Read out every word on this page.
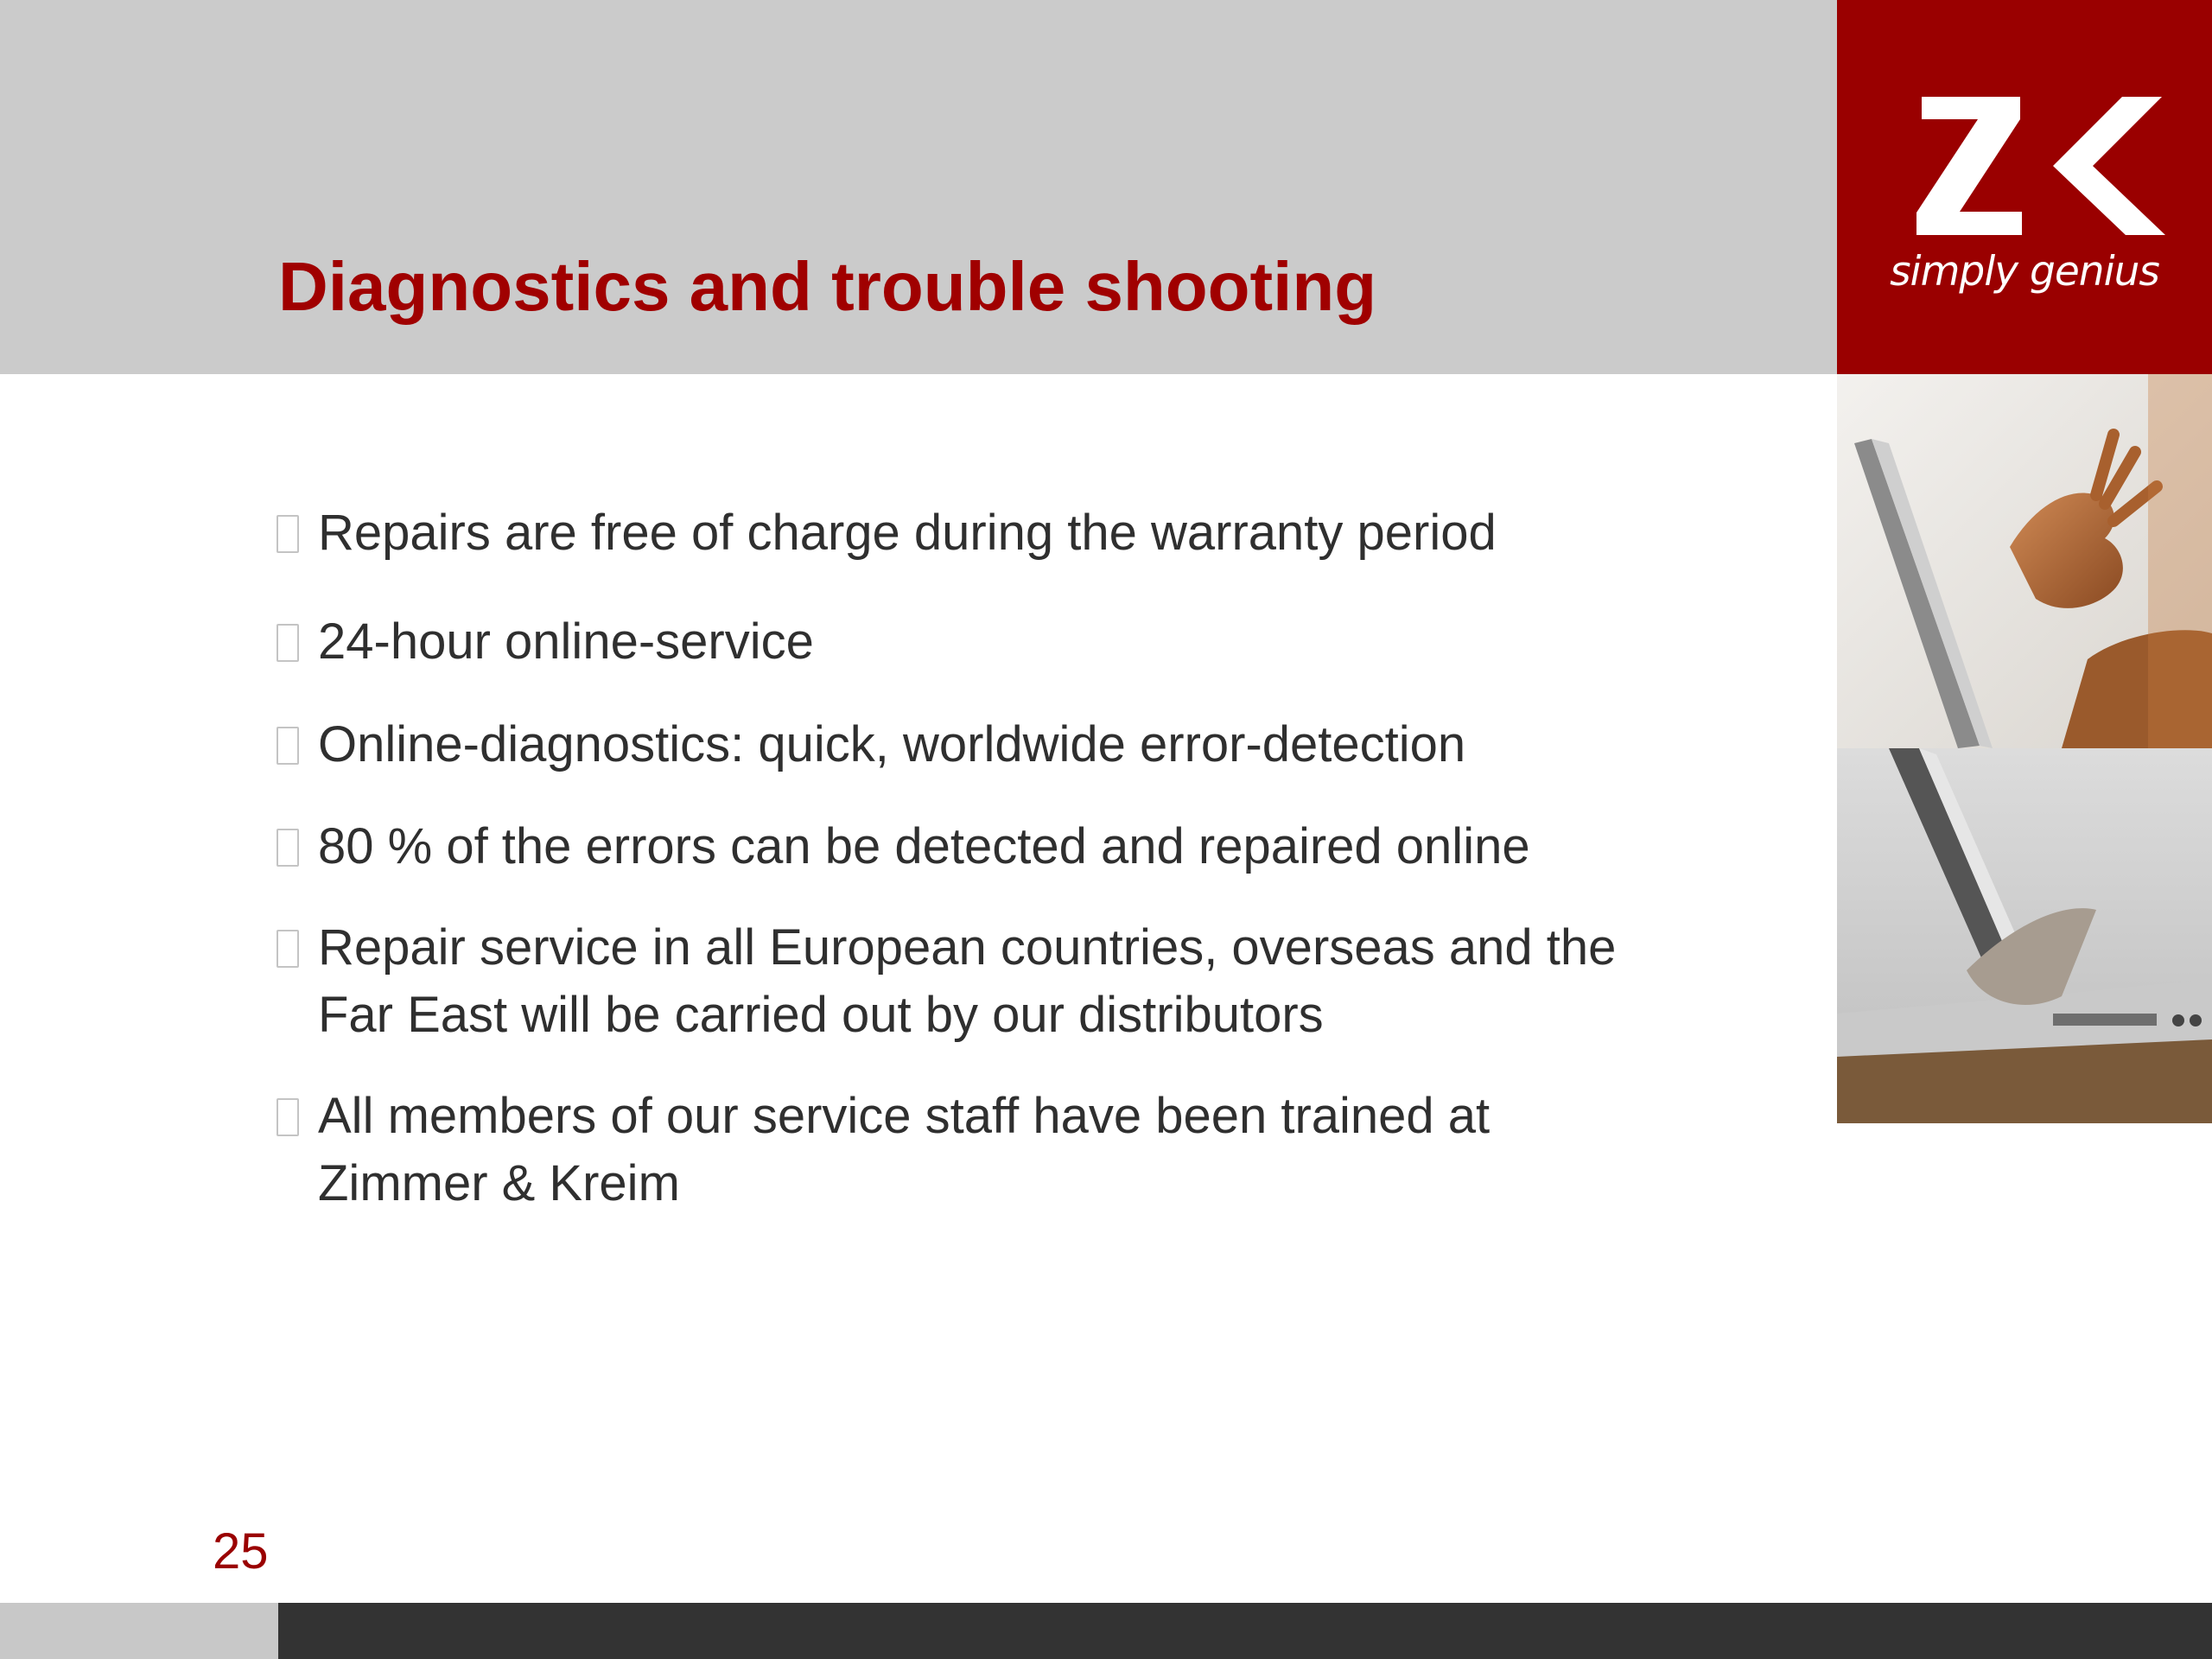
Diagnostics and trouble shooting	simply genius
Repairs are free of charge during the warranty period
24-hour online-service
Online-diagnostics: quick, worldwide error-detection
80 % of the errors can be detected and repaired online
Repair service in all European countries, overseas and the
Far East will be carried out by our distributors
All members of our service staff have been trained at
Zimmer & Kreim
25
